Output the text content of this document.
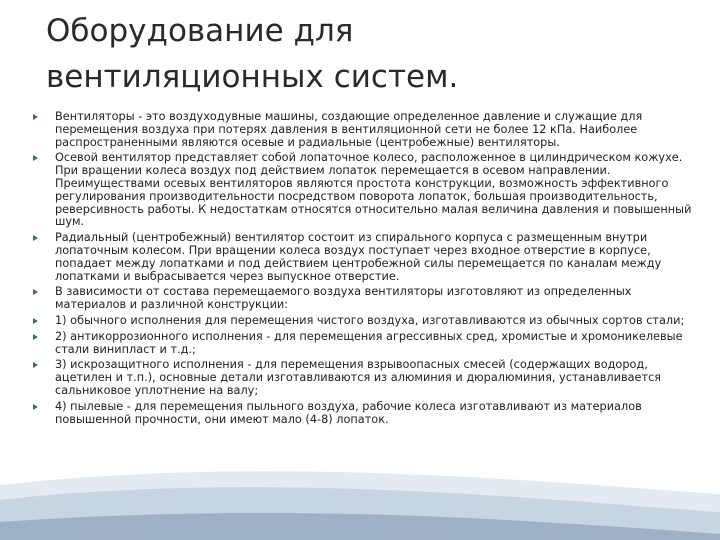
Оборудование для
вентиляционных систем.
Вентиляторы - это воздуходувные машины, создающие определенное давление и служащие для перемещения воздуха при потерях давления в вентиляционной сети не более 12 кПа. Наиболее распространенными являются осевые и радиальные (центробежные) вентиляторы.
Осевой вентилятор представляет собой лопаточное колесо, расположенное в цилиндрическом кожухе. При вращении колеса воздух под действием лопаток перемещается в осевом направлении. Преимуществами осевых вентиляторов являются простота конструкции, возможность эффективного регулирования производительности посредством поворота лопаток, большая производительность, реверсивность работы. К недостаткам относятся относительно малая величина давления и повышенный шум.
Радиальный (центробежный) вентилятор состоит из спирального корпуса с размещенным внутри лопаточным колесом. При вращении колеса воздух поступает через входное отверстие в корпусе, попадает между лопатками и под действием центробежной силы перемещается по каналам между лопатками и выбрасывается через выпускное отверстие.
В зависимости от состава перемещаемого воздуха вентиляторы изготовляют из определенных материалов и различной конструкции:
1) обычного исполнения для перемещения чистого воздуха, изготавливаются из обычных сортов стали;
2) антикоррозионного исполнения - для перемещения агрессивных сред, хромистые и хромоникелевые стали винипласт и т.д.;
3) искрозащитного исполнения - для перемещения взрывоопасных смесей (содержащих водород, ацетилен и т.п.), основные детали изготавливаются из алюминия и дюралюминия, устанавливается сальниковое уплотнение на валу;
4) пылевые - для перемещения пыльного воздуха, рабочие колеса изготавливают из материалов повышенной прочности, они имеют мало (4-8) лопаток.
